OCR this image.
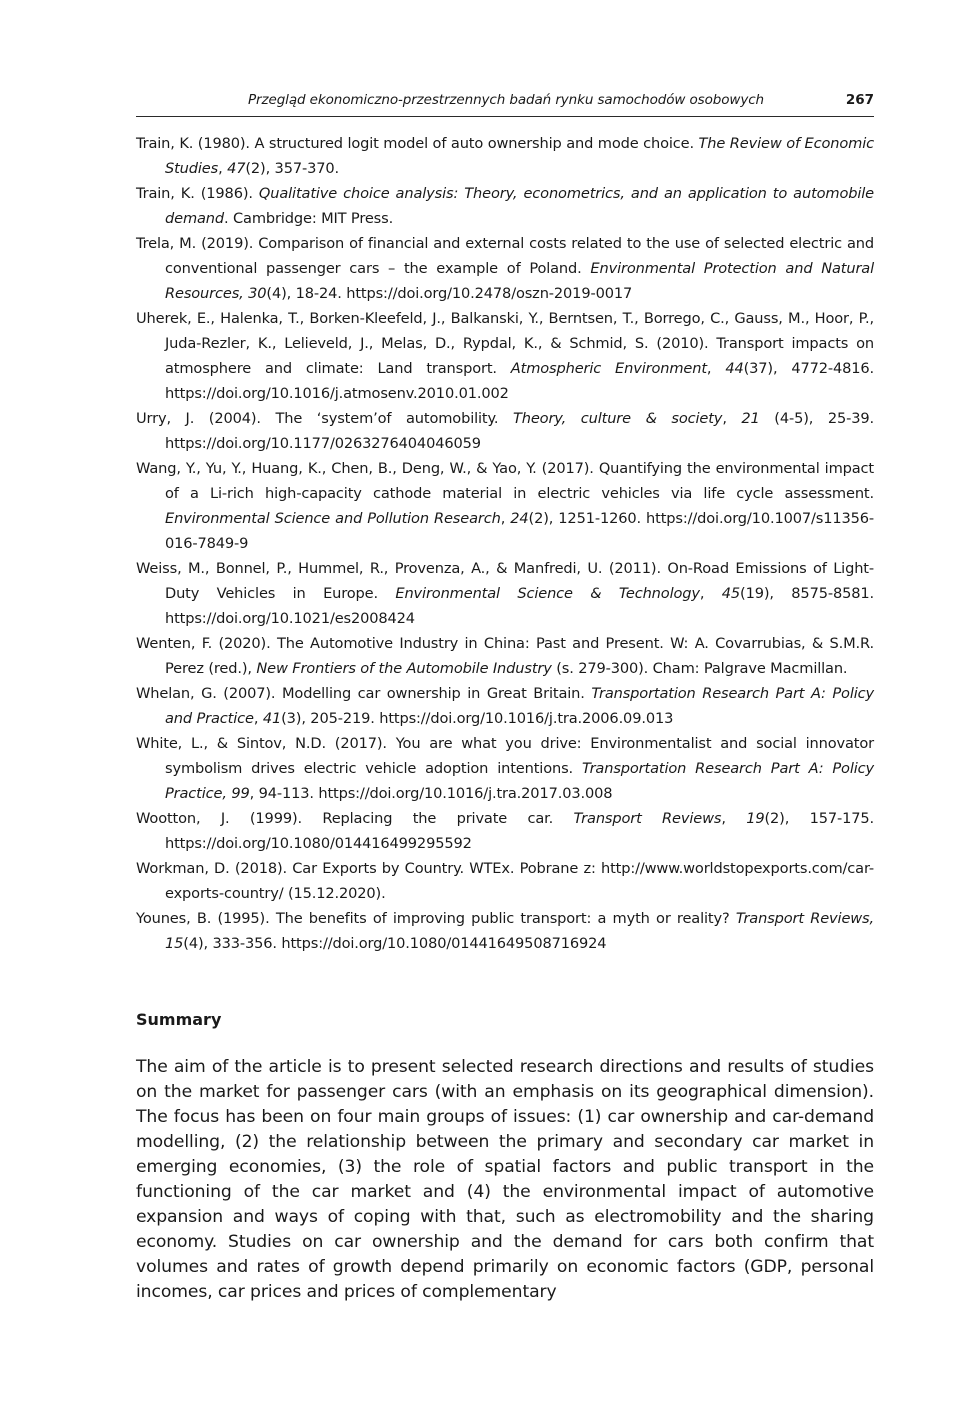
Przegląd ekonomiczno-przestrzennych badań rynku samochodów osobowych	267
Train, K. (1980). A structured logit model of auto ownership and mode choice. The Review of Economic Studies, 47(2), 357-370.
Train, K. (1986). Qualitative choice analysis: Theory, econometrics, and an application to automobile demand. Cambridge: MIT Press.
Trela, M. (2019). Comparison of financial and external costs related to the use of selected electric and conventional passenger cars – the example of Poland. Environmental Protection and Natural Resources, 30(4), 18-24. https://doi.org/10.2478/oszn-2019-0017
Uherek, E., Halenka, T., Borken-Kleefeld, J., Balkanski, Y., Berntsen, T., Borrego, C., Gauss, M., Hoor, P., Juda-Rezler, K., Lelieveld, J., Melas, D., Rypdal, K., & Schmid, S. (2010). Transport impacts on atmosphere and climate: Land transport. Atmospheric Environment, 44(37), 4772-4816. https://doi.org/10.1016/j.atmosenv.2010.01.002
Urry, J. (2004). The ‘system’of automobility. Theory, culture & society, 21 (4-5), 25-39. https://doi.org/10.1177/0263276404046059
Wang, Y., Yu, Y., Huang, K., Chen, B., Deng, W., & Yao, Y. (2017). Quantifying the environmental impact of a Li-rich high-capacity cathode material in electric vehicles via life cycle assessment. Environmental Science and Pollution Research, 24(2), 1251-1260. https://doi.org/10.1007/s11356-016-7849-9
Weiss, M., Bonnel, P., Hummel, R., Provenza, A., & Manfredi, U. (2011). On-Road Emissions of Light-Duty Vehicles in Europe. Environmental Science & Technology, 45(19), 8575-8581. https://doi.org/10.1021/es2008424
Wenten, F. (2020). The Automotive Industry in China: Past and Present. W: A. Covarrubias, & S.M.R. Perez (red.), New Frontiers of the Automobile Industry (s. 279-300). Cham: Palgrave Macmillan.
Whelan, G. (2007). Modelling car ownership in Great Britain. Transportation Research Part A: Policy and Practice, 41(3), 205-219. https://doi.org/10.1016/j.tra.2006.09.013
White, L., & Sintov, N.D. (2017). You are what you drive: Environmentalist and social innovator symbolism drives electric vehicle adoption intentions. Transportation Research Part A: Policy Practice, 99, 94-113. https://doi.org/10.1016/j.tra.2017.03.008
Wootton, J. (1999). Replacing the private car. Transport Reviews, 19(2), 157-175. https://doi.org/10.1080/014416499295592
Workman, D. (2018). Car Exports by Country. WTEx. Pobrane z: http://www.worldstopexports.com/car-exports-country/ (15.12.2020).
Younes, B. (1995). The benefits of improving public transport: a myth or reality? Transport Reviews, 15(4), 333-356. https://doi.org/10.1080/01441649508716924
Summary
The aim of the article is to present selected research directions and results of studies on the market for passenger cars (with an emphasis on its geographical dimension). The focus has been on four main groups of issues: (1) car ownership and car-demand modelling, (2) the relationship between the primary and secondary car market in emerging economies, (3) the role of spatial factors and public transport in the functioning of the car market and (4) the environmental impact of automotive expansion and ways of coping with that, such as electromobility and the sharing economy. Studies on car ownership and the demand for cars both confirm that volumes and rates of growth depend primarily on economic factors (GDP, personal incomes, car prices and prices of complementary
